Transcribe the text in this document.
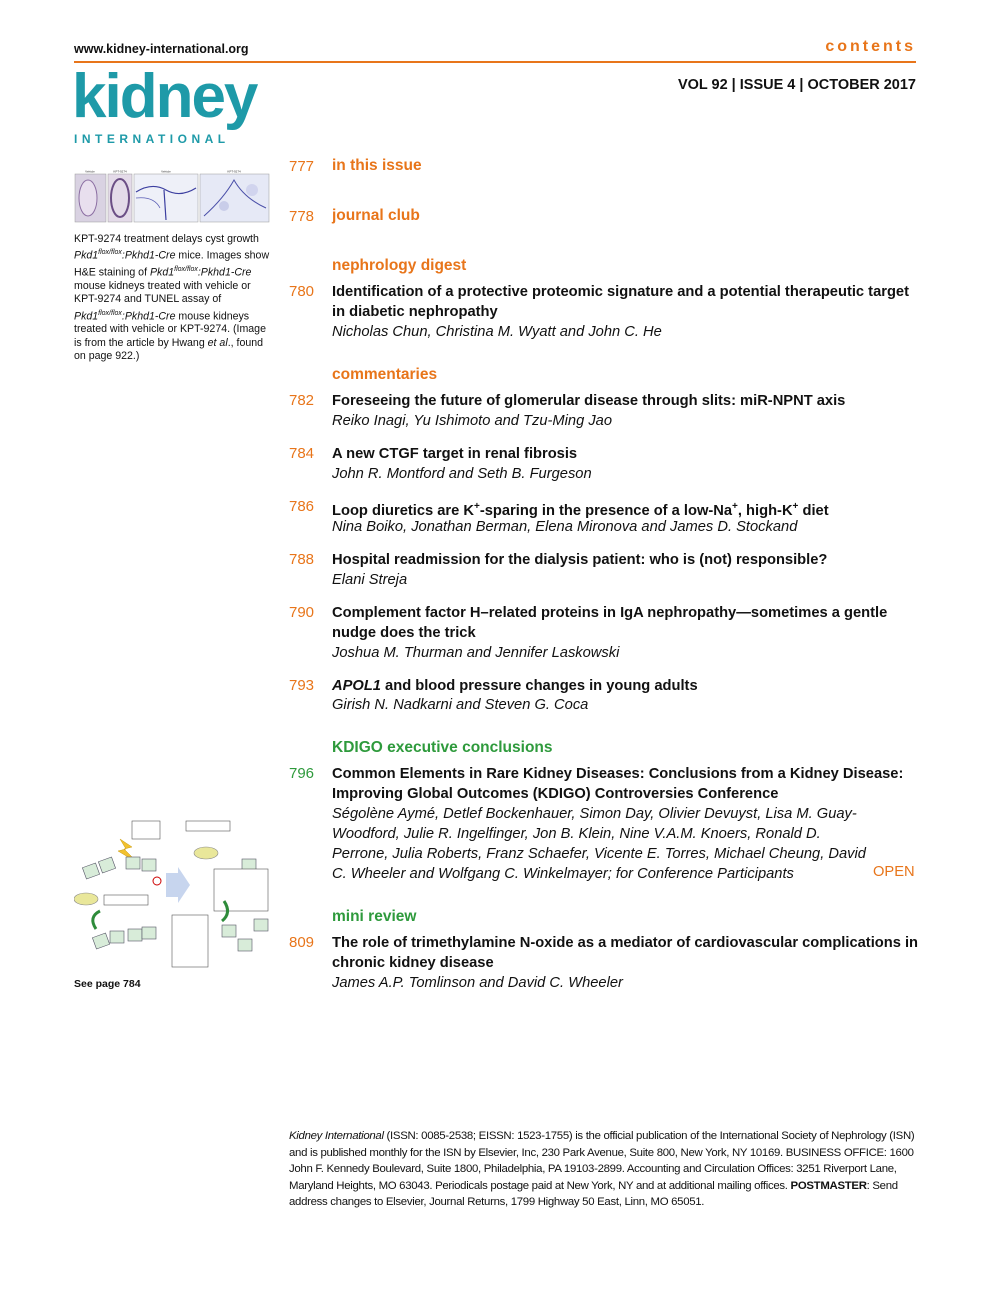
www.kidney-international.org	contents
VOL 92 | ISSUE 4 | OCTOBER 2017
kidney
INTERNATIONAL
Vehicle	KPT-9274	Vehicle	KPT-9274
KPT-9274 treatment delays cyst growth $Pkd1^{flox/flox}:Pkhd1$-Cre mice. Images show H&E staining of $Pkd1^{flox/flox}:Pkhd1$-Cre mouse kidneys treated with vehicle or KPT-9274 and TUNEL assay of $Pkd1^{flox/flox}:Pkhd1$-Cre mouse kidneys treated with vehicle or KPT-9274. (Image is from the article by Hwang et al., found on page 922.)
See page 784
777 in this issue
778 journal club
nephrology digest
780 Identification of a protective proteomic signature and a potential therapeutic target in diabetic nephropathy
Nicholas Chun, Christina M. Wyatt and John C. He
commentaries
782 Foreseeing the future of glomerular disease through slits: miR-NPNT axis
Reiko Inagi, Yu Ishimoto and Tzu-Ming Jao
784 A new CTGF target in renal fibrosis
John R. Montford and Seth B. Furgeson
786 Loop diuretics are K+-sparing in the presence of a low-Na+, high-K+ diet
Nina Boiko, Jonathan Berman, Elena Mironova and James D. Stockand
788 Hospital readmission for the dialysis patient: who is (not) responsible?
Elani Streja
790 Complement factor H–related proteins in IgA nephropathy—sometimes a gentle nudge does the trick
Joshua M. Thurman and Jennifer Laskowski
793 APOL1 and blood pressure changes in young adults
Girish N. Nadkarni and Steven G. Coca
KDIGO executive conclusions
796 Common Elements in Rare Kidney Diseases: Conclusions from a Kidney Disease: Improving Global Outcomes (KDIGO) Controversies Conference
Ségolène Aymé, Detlef Bockenhauer, Simon Day, Olivier Devuyst, Lisa M. Guay-Woodford, Julie R. Ingelfinger, Jon B. Klein, Nine V.A.M. Knoers, Ronald D. Perrone, Julia Roberts, Franz Schaefer, Vicente E. Torres, Michael Cheung, David C. Wheeler and Wolfgang C. Winkelmayer; for Conference Participants	OPEN
mini review
809 The role of trimethylamine N-oxide as a mediator of cardiovascular complications in chronic kidney disease
James A.P. Tomlinson and David C. Wheeler
Kidney International (ISSN: 0085-2538; EISSN: 1523-1755) is the official publication of the International Society of Nephrology (ISN) and is published monthly for the ISN by Elsevier, Inc, 230 Park Avenue, Suite 800, New York, NY 10169. BUSINESS OFFICE: 1600 John F. Kennedy Boulevard, Suite 1800, Philadelphia, PA 19103-2899. Accounting and Circulation Offices: 3251 Riverport Lane, Maryland Heights, MO 63043. Periodicals postage paid at New York, NY and at additional mailing offices. POSTMASTER: Send address changes to Elsevier, Journal Returns, 1799 Highway 50 East, Linn, MO 65051.
